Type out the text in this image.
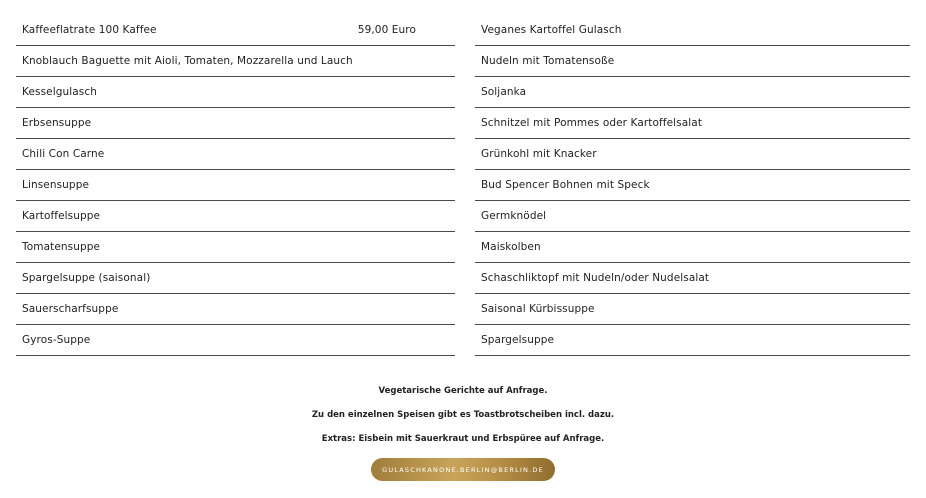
Kaffeeflatrate 100 Kaffee	59,00 Euro
Knoblauch Baguette mit Aioli, Tomaten, Mozzarella und Lauch
Kesselgulasch
Erbsensuppe
Chili Con Carne
Linsensuppe
Kartoffelsuppe
Tomatensuppe
Spargelsuppe (saisonal)
Sauerscharfsuppe
Gyros-Suppe
Veganes Kartoffel Gulasch
Nudeln mit Tomatensoße
Soljanka
Schnitzel mit Pommes oder Kartoffelsalat
Grünkohl mit Knacker
Bud Spencer Bohnen mit Speck
Germknödel
Maiskolben
Schaschliktopf mit Nudeln/oder Nudelsalat
Saisonal Kürbissuppe
Spargelsuppe

Vegetarische Gerichte auf Anfrage.

Zu den einzelnen Speisen gibt es Toastbrotscheiben incl. dazu.

Extras: Eisbein mit Sauerkraut und Erbspüree auf Anfrage.

GULASCHKANONE.BERLIN@BERLIN.DE
